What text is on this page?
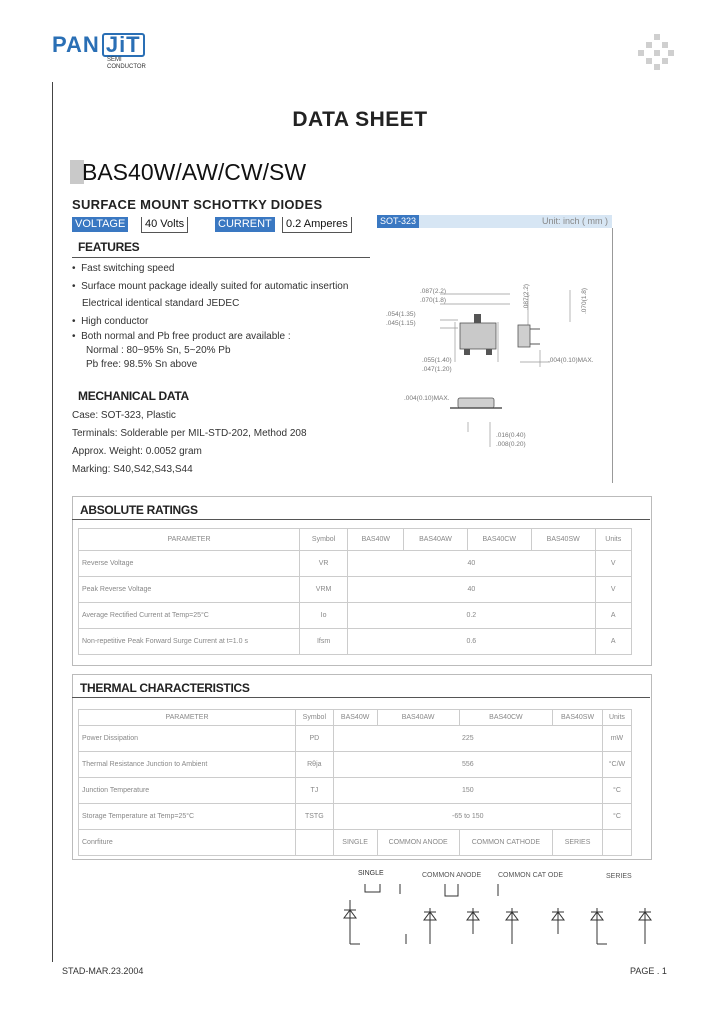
PAN JiT
SEMI
CONDUCTOR
DATA SHEET
BAS40W/AW/CW/SW
SURFACE MOUNT SCHOTTKY DIODES
VOLTAGE	40 Volts	CURRENT	0.2 Amperes	SOT-323	Unit: inch ( mm )
FEATURES
•  Fast switching speed
•  Surface mount package ideally suited for automatic insertion
Electrical identical standard JEDEC
•  High conductor
•  Both normal and Pb free product are available :
Normal : 80~95% Sn, 5~20% Pb
Pb free: 98.5% Sn above
MECHANICAL DATA
Case: SOT-323, Plastic
Terminals: Solderable per MIL-STD-202, Method 208
Approx. Weight: 0.0052 gram
Marking: S40,S42,S43,S44
.087(2.2)
.070(1.8)
.054(1.35)
.045(1.15)
.055(1.40)
.047(1.20)
.087(2.2)	.070(1.8)
.004(0.10)MAX.
.004(0.10)MAX.
.016(0.40)
.008(0.20)
ABSOLUTE RATINGS
PARAMETER	Symbol	BAS40W	BAS40AW	BAS40CW	BAS40SW	Units
Reverse Voltage	VR	40				V
Peak Reverse Voltage	VRM	40				V
Average Rectified Current at Temp=25°C	Io	0.2				A
Non-repetitive Peak Forward Surge Current at t=1.0 s	Ifsm	0.6				A
THERMAL CHARACTERISTICS
PARAMETER	Symbol	BAS40W	BAS40AW	BAS40CW	BAS40SW	Units
Power Dissipation	PD	225				mW
Thermal Resistance Junction to Ambient	Rθja	556				°C/W
Junction Temperature	TJ	150				°C
Storage Temperature at Temp=25°C	TSTG	-65 to 150				°C
Conrfiture		SINGLE	COMMON ANODE	COMMON CATHODE	SERIES	
SINGLE	COMMON ANODE COMMON CAT ODE	SERIES
STAD-MAR.23.2004	PAGE . 1
